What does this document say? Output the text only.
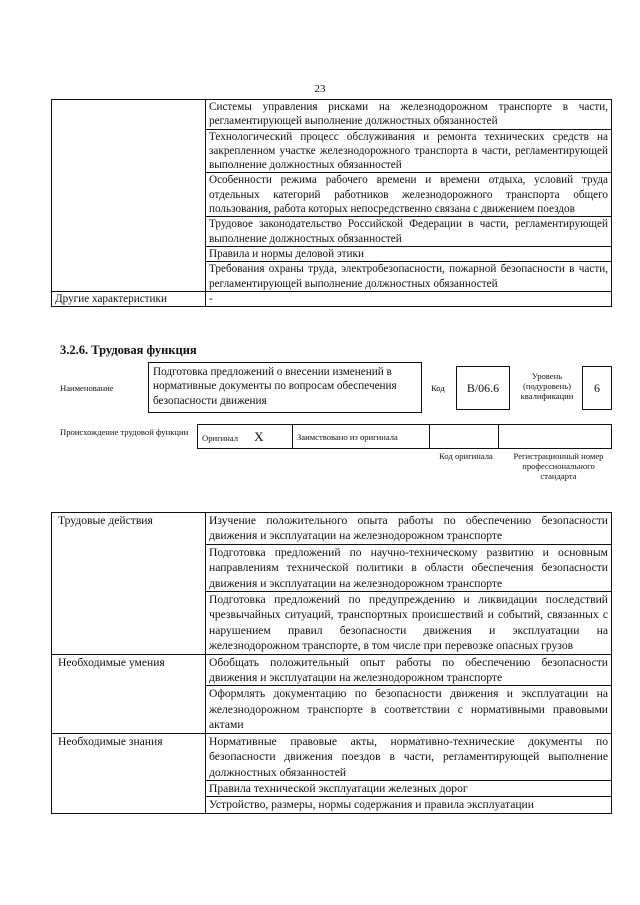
23
	Системы управления рисками на железнодорожном транспорте в части, регламентирующей выполнение должностных обязанностей
	Технологический процесс обслуживания и ремонта технических средств на закрепленном участке железнодорожного транспорта в части, регламентирующей выполнение должностных обязанностей
	Особенности режима рабочего времени и времени отдыха, условий труда отдельных категорий работников железнодорожного транспорта общего пользования, работа которых непосредственно связана с движением поездов
	Трудовое законодательство Российской Федерации в части, регламентирующей выполнение должностных обязанностей
	Правила и нормы деловой этики
	Требования охраны труда, электробезопасности, пожарной безопасности в части, регламентирующей выполнение должностных обязанностей
Другие характеристики	-
3.2.6. Трудовая функция
Наименование
Подготовка предложений о внесении изменений в нормативные документы по вопросам обеспечения безопасности движения
Код	B/06.6
Уровень (подуровень) квалификации
6
Происхождение трудовой функции
Оригинал X	Заимствовано из оригинала		
Код оригинала	Регистрационный номер профессионального стандарта
Трудовые действия	Изучение положительного опыта работы по обеспечению безопасности движения и эксплуатации на железнодорожном транспорте
	Подготовка предложений по научно-техническому развитию и основным направлениям технической политики в области обеспечения безопасности движения и эксплуатации на железнодорожном транспорте
	Подготовка предложений по предупреждению и ликвидации последствий чрезвычайных ситуаций, транспортных происшествий и событий, связанных с нарушением правил безопасности движения и эксплуатации на железнодорожном транспорте, в том числе при перевозке опасных грузов
Необходимые умения	Обобщать положительный опыт работы по обеспечению безопасности движения и эксплуатации на железнодорожном транспорте
	Оформлять документацию по безопасности движения и эксплуатации на железнодорожном транспорте в соответствии с нормативными правовыми актами
Необходимые знания	Нормативные правовые акты, нормативно-технические документы по безопасности движения поездов в части, регламентирующей выполнение должностных обязанностей
	Правила технической эксплуатации железных дорог
	Устройство, размеры, нормы содержания и правила эксплуатации
